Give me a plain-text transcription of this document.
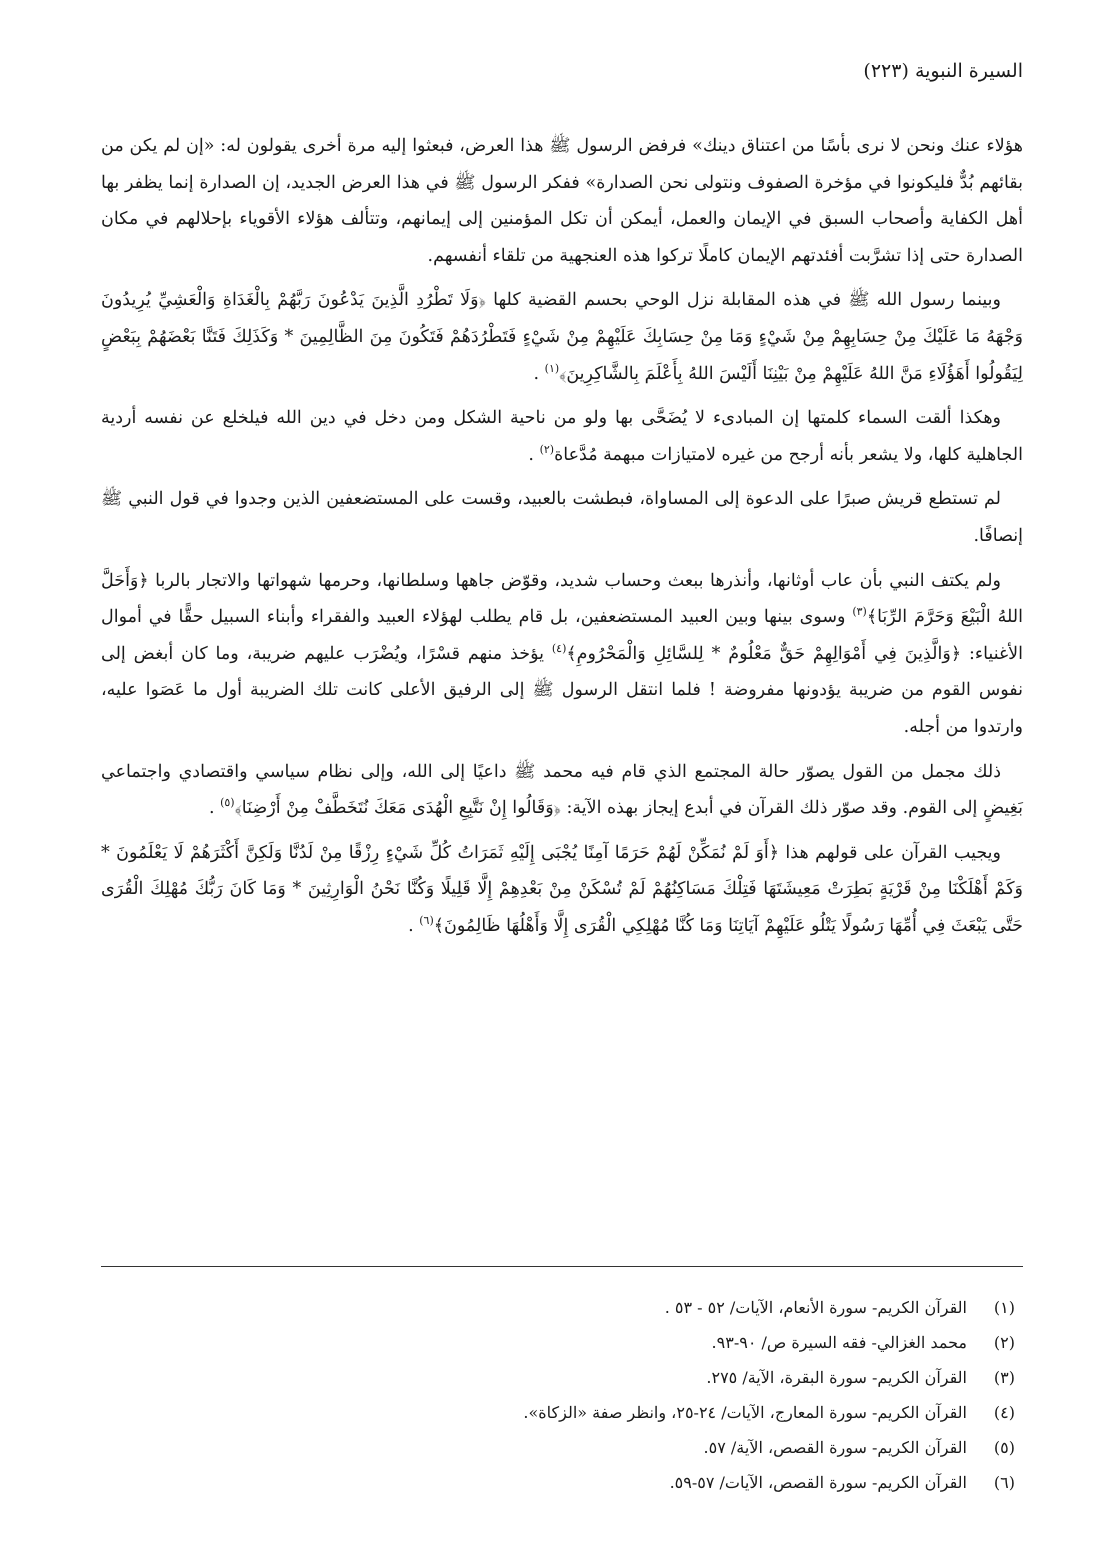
السيرة النبوية (٢٢٣)

هؤلاء عنك ونحن لا نرى بأسًا من اعتناق دينك» فرفض الرسول ﷺ هذا العرض، فبعثوا إليه مرة أخرى يقولون له: «إن لم يكن من بقائهم بُدٌّ فليكونوا في مؤخرة الصفوف ونتولى نحن الصدارة» ففكر الرسول ﷺ في هذا العرض الجديد، إن الصدارة إنما يظفر بها أهل الكفاية وأصحاب السبق في الإيمان والعمل، أيمكن أن تكل المؤمنين إلى إيمانهم، وتتألف هؤلاء الأقوياء بإحلالهم في مكان الصدارة حتى إذا تشرَّبت أفئدتهم الإيمان كاملًا تركوا هذه العنجهية من تلقاء أنفسهم.

وبينما رسول الله ﷺ في هذه المقابلة نزل الوحي بحسم القضية كلها ﴿وَلَا تَطْرُدِ الَّذِينَ يَدْعُونَ رَبَّهُمْ بِالْغَدَاةِ وَالْعَشِيِّ يُرِيدُونَ وَجْهَهُ مَا عَلَيْكَ مِنْ حِسَابِهِمْ مِنْ شَيْءٍ وَمَا مِنْ حِسَابِكَ عَلَيْهِمْ مِنْ شَيْءٍ فَتَطْرُدَهُمْ فَتَكُونَ مِنَ الظَّالِمِينَ * وَكَذَلِكَ فَتَنَّا بَعْضَهُمْ بِبَعْضٍ لِيَقُولُوا أَهَؤُلَاءِ مَنَّ اللهُ عَلَيْهِمْ مِنْ بَيْنِنَا أَلَيْسَ اللهُ بِأَعْلَمَ بِالشَّاكِرِينَ﴾$^{(١)}$ .

وهكذا ألقت السماء كلمتها إن المبادىء لا يُضَحَّى بها ولو من ناحية الشكل ومن دخل في دين الله فيلخلع عن نفسه أردية الجاهلية كلها، ولا يشعر بأنه أرجح من غيره لامتيازات مبهمة مُدَّعاة$^{(٢)}$ .

لم تستطع قريش صبرًا على الدعوة إلى المساواة، فبطشت بالعبيد، وقست على المستضعفين الذين وجدوا في قول النبي ﷺ إنصافًا.

ولم يكتف النبي بأن عاب أوثانها، وأنذرها ببعث وحساب شديد، وقوّض جاهها وسلطانها، وحرمها شهواتها والاتجار بالربا ﴿وَأَحَلَّ اللهُ الْبَيْعَ وَحَرَّمَ الرِّبَا﴾$^{(٣)}$ وسوى بينها وبين العبيد المستضعفين، بل قام يطلب لهؤلاء العبيد والفقراء وأبناء السبيل حقًّا في أموال الأغنياء: ﴿وَالَّذِينَ فِي أَمْوَالِهِمْ حَقٌّ مَعْلُومٌ * لِلسَّائِلِ وَالْمَحْرُومِ﴾$^{(٤)}$ يؤخذ منهم قسْرًا، ويُضْرَب عليهم ضريبة، وما كان أبغض إلى نفوس القوم من ضريبة يؤدونها مفروضة ! فلما انتقل الرسول ﷺ إلى الرفيق الأعلى كانت تلك الضريبة أول ما عَصَوا عليه، وارتدوا من أجله.

ذلك مجمل من القول يصوّر حالة المجتمع الذي قام فيه محمد ﷺ داعيًا إلى الله، وإلى نظام سياسي واقتصادي واجتماعي بَغِيضٍ إلى القوم. وقد صوّر ذلك القرآن في أبدع إيجاز بهذه الآية: ﴿وَقَالُوا إِنْ نَتَّبِعِ الْهُدَى مَعَكَ نُتَخَطَّفْ مِنْ أَرْضِنَا﴾$^{(٥)}$ .

ويجيب القرآن على قولهم هذا ﴿أَوَ لَمْ نُمَكِّنْ لَهُمْ حَرَمًا آمِنًا يُجْبَى إِلَيْهِ ثَمَرَاتُ كُلِّ شَيْءٍ رِزْقًا مِنْ لَدُنَّا وَلَكِنَّ أَكْثَرَهُمْ لَا يَعْلَمُونَ * وَكَمْ أَهْلَكْنَا مِنْ قَرْيَةٍ بَطِرَتْ مَعِيشَتَهَا فَتِلْكَ مَسَاكِنُهُمْ لَمْ تُسْكَنْ مِنْ بَعْدِهِمْ إِلَّا قَلِيلًا وَكُنَّا نَحْنُ الْوَارِثِينَ * وَمَا كَانَ رَبُّكَ مُهْلِكَ الْقُرَى حَتَّى يَبْعَثَ فِي أُمِّهَا رَسُولًا يَتْلُو عَلَيْهِمْ آيَاتِنَا وَمَا كُنَّا مُهْلِكِي الْقُرَى إِلَّا وَأَهْلُهَا ظَالِمُونَ﴾$^{(٦)}$ .

(١)القرآن الكريم- سورة الأنعام، الآيات/ ٥٢ - ٥٣ .
(٢)محمد الغزالي- فقه السيرة ص/ ٩٠-٩٣.
(٣)القرآن الكريم- سورة البقرة، الآية/ ٢٧٥.
(٤)القرآن الكريم- سورة المعارج، الآيات/ ٢٤-٢٥، وانظر صفة «الزكاة».
(٥)القرآن الكريم- سورة القصص، الآية/ ٥٧.
(٦)القرآن الكريم- سورة القصص، الآيات/ ٥٧-٥٩.
